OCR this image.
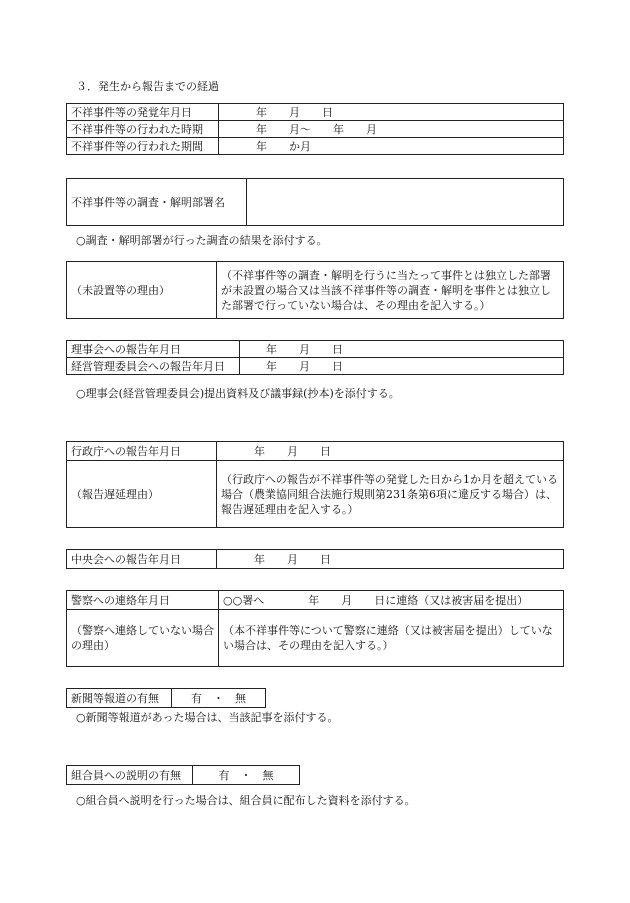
３．発生から報告までの経過
不祥事件等の発覚年月日	　　　年　　月　　日
不祥事件等の行われた時期	　　　年　　月～　　年　　月
不祥事件等の行われた期間	　　　年　　か月
不祥事件等の調査・解明部署名	
○調査・解明部署が行った調査の結果を添付する。
（未設置等の理由）	（不祥事件等の調査・解明を行うに当たって事件とは独立した部署が未設置の場合又は当該不祥事件等の調査・解明を事件とは独立した部署で行っていない場合は、その理由を記入する。）
理事会への報告年月日	　　年　　月　　日
経営管理委員会への報告年月日	　　年　　月　　日
○理事会(経営管理委員会)提出資料及び議事録(抄本)を添付する。
行政庁への報告年月日	　　　年　　月　　日
（報告遅延理由）	（行政庁への報告が不祥事件等の発覚した日から1か月を超えている場合（農業協同組合法施行規則第231条第6項に違反する場合）は、報告遅延理由を記入する。）
中央会への報告年月日	　　　年　　月　　日
警察への連絡年月日	○○署へ　　　　年　　月　　日に連絡（又は被害届を提出）
（警察へ連絡していない場合の理由）	（本不祥事件等について警察に連絡（又は被害届を提出）していない場合は、その理由を記入する。）
新聞等報道の有無	有　・　無
○新聞等報道があった場合は、当該記事を添付する。
組合員への説明の有無	有　・　無
○組合員へ説明を行った場合は、組合員に配布した資料を添付する。
